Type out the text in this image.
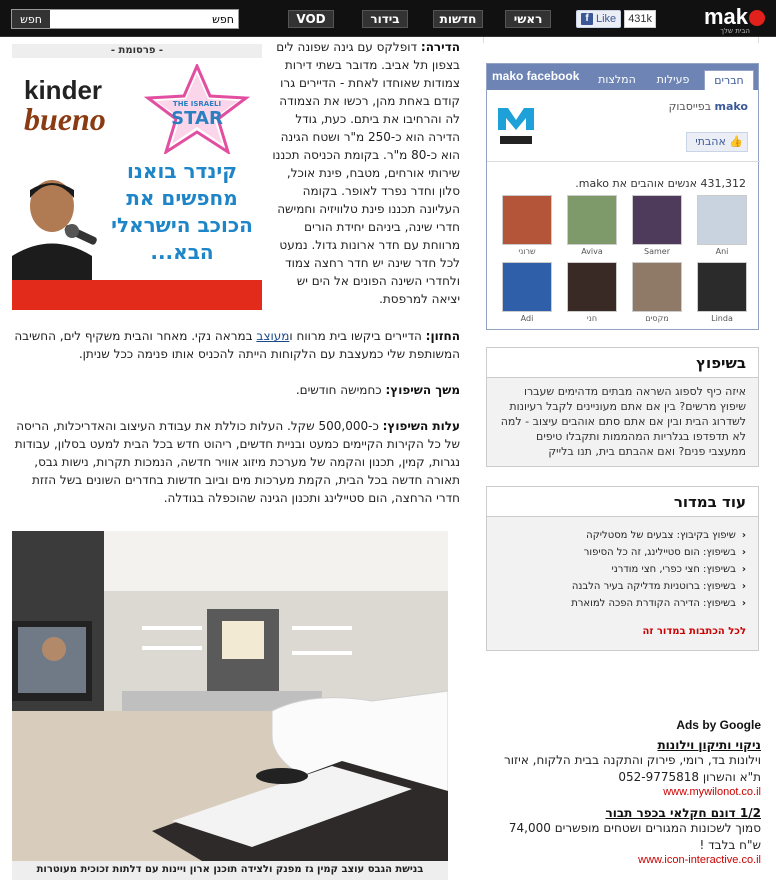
mak
הבית שלך
f Like	431k
ראשי
חדשות
בידור
VOD
חפש
חפש
- פרסומת -
kinder
bueno	THE ISRAELI
STAR
קינדר בואנו מחפשים את הכוכב הישראלי הבא...
הדירה: דופלקס עם גינה שפונה לים בצפון תל אביב. מדובר בשתי דירות צמודות שאוחדו לאחת - הדיירים גרו קודם באחת מהן, רכשו את הצמודה לה והרחיבו את ביתם. כעת, גודל הדירה הוא כ-250 מ"ר ושטח הגינה הוא כ-80 מ"ר. בקומת הכניסה תכננו שירותי אורחים, מטבח, פינת אוכל, סלון וחדר נפרד לאופר. בקומה העליונה תכננו פינת טלוויזיה וחמישה חדרי שינה, ביניהם יחידת הורים מרווחת עם חדר ארונות גדול. נמעט לכל חדר שינה יש חדר רחצה צמוד ולחדרי השינה הפונים אל הים יש יציאה למרפסת.
החזון: הדיירים ביקשו בית מרווח ומעוצב במראה נקי. מאחר והבית משקיף לים, החשיבה המשותפת שלי כמעצבת עם הלקוחות הייתה להכניס אותו פנימה ככל שניתן.
משך השיפוץ: כחמישה חודשים.
עלות השיפוץ: כ-500,000 שקל. העלות כוללת את עבודת העיצוב והאדריכלות, הריסה של כל הקירות הקיימים כמעט ובניית חדשים, ריהוט חדש בכל הבית למעט בסלון, עבודות נגרות, קמין, תכנון והקמה של מערכת מיזוג אוויר חדשה, הנמכות תקרות, נישות גבס, תאורה חדשה בכל הבית, הקמת מערכות מים וביוב חדשות בחדרים השונים בשל הזזת חדרי הרחצה, הום סטיילינג ותכנון הגינה שהוכפלה בגודלה.
בנישת הגבס עוצב קמין גז מפנק ולצידה תוכנן ארון ויינות עם דלתות זכוכית מעוטרות
mako facebook	חברים
פעילות
המלצות
mako בפייסבוק
👍 אהבתי
431,312 אנשים אוהבים את mako.
Ani
Samer
Aviva
שרוני
Linda
מקסים
חני
Adi
בשיפוץ
איזה כיף לספוג השראה מבתים מדהימים שעברו שיפוץ מרשים? בין אם אתם מעוניינים לקבל רעיונות לשדרוג הבית ובין אם אתם סתם אוהבים עיצוב - למה לא תדפדפו בגלריות המהממות ותקבלו טיפים ממעצבי פנים? ואם אהבתם בית, תנו בלייק
עוד במדור
‹ שיפוץ בקיבוץ: צבעים של מסטליקה
‹ בשיפוץ: הום סטיילינג, זה כל הסיפור
‹ בשיפוץ: חצי כפרי, חצי מודרני
‹ בשיפוץ: ברוטניות מדליקה בעיר הלבנה
‹ בשיפוץ: הדירה הקודרת הפכה למוארת
לכל הכתבות במדור זה
Ads by Google
ניקוי ותיקון וילונות
וילונות בד, רומי, פירוק והתקנה בבית הלקוח, איזור ת"א והשרון 052-9775818
www.mywilonot.co.il
1/2 דונם חקלאי בכפר תבור
סמוך לשכונות המגורים ושטחים מופשרים 74,000 ש"ח בלבד !
www.icon-interactive.co.il
